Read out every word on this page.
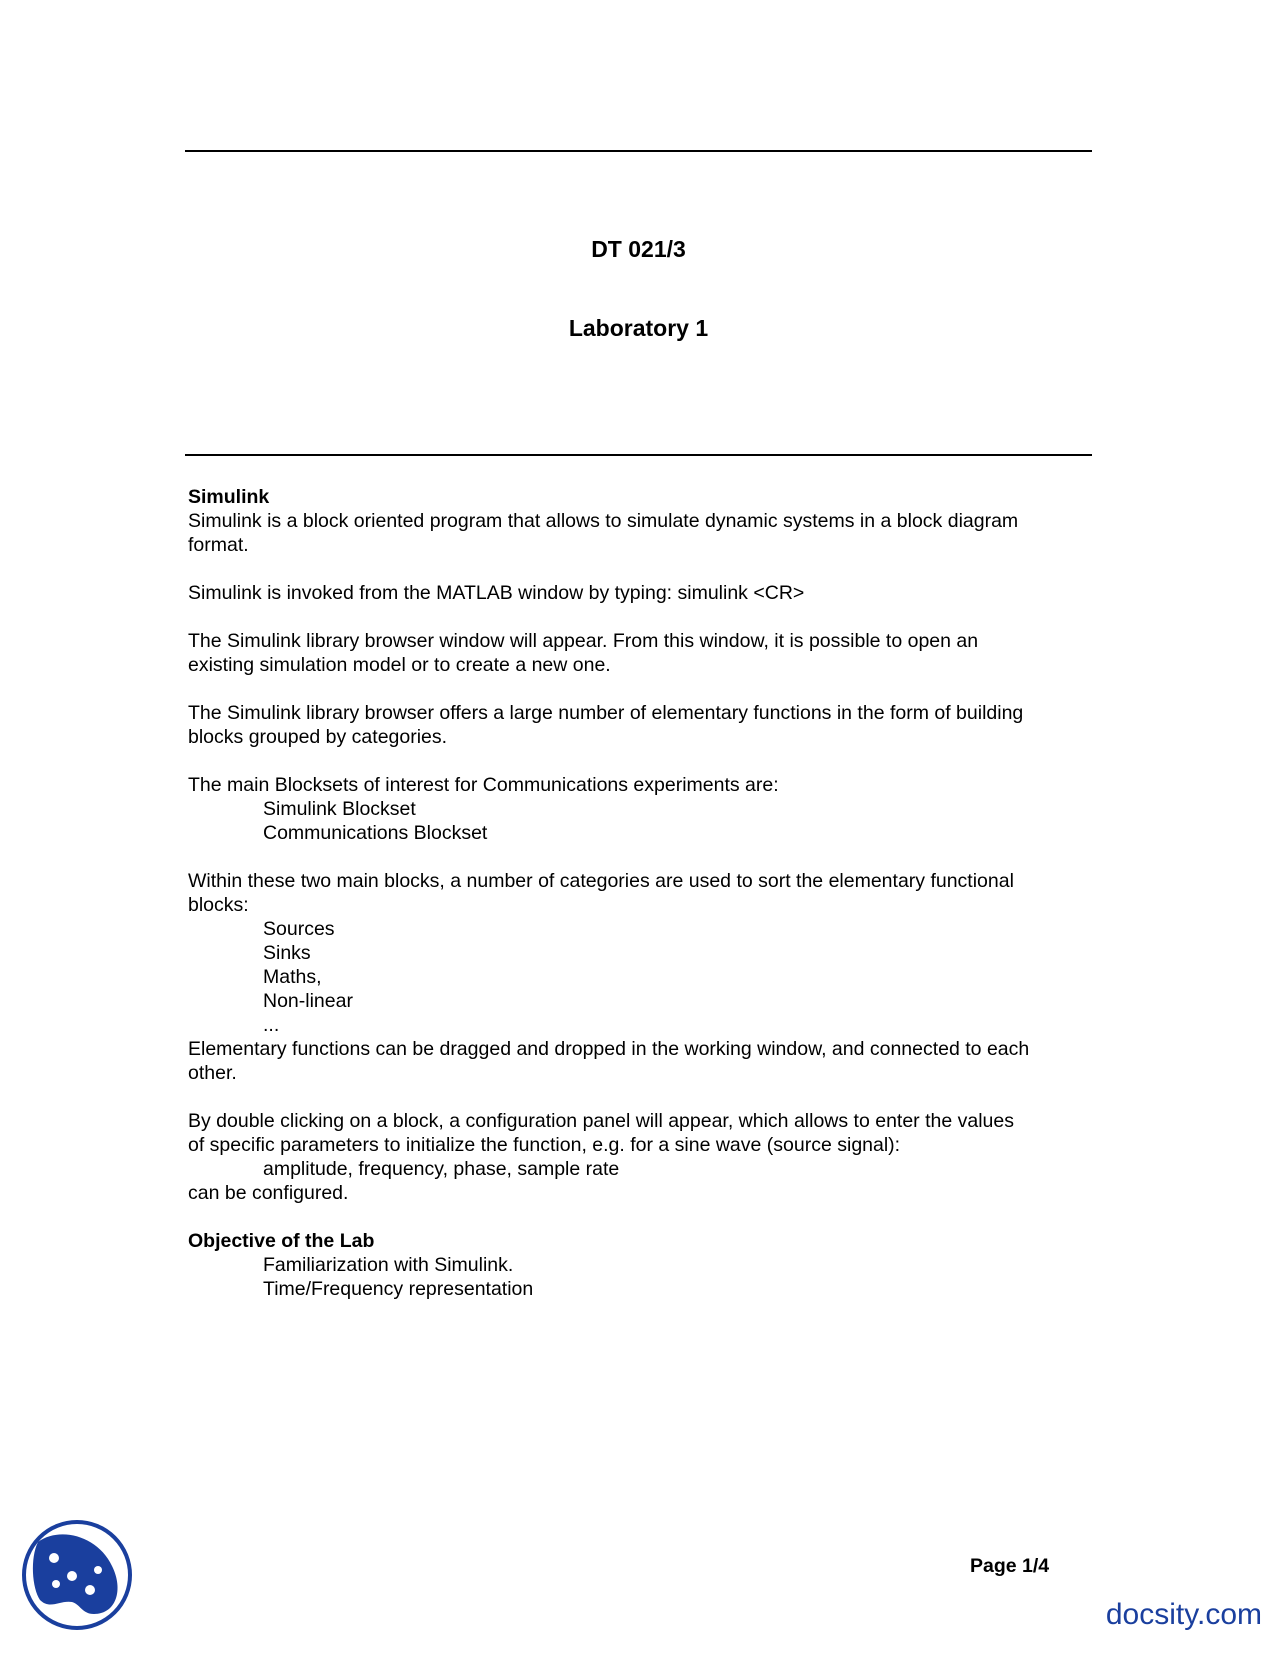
DT 021/3
Laboratory 1

Simulink

Simulink is a block oriented program that allows to simulate dynamic systems in a block diagram

format.

Simulink is invoked from the MATLAB window by typing: simulink <CR>

The Simulink library browser window will appear. From this window, it is possible to open an

existing simulation model or to create a new one.

The Simulink library browser offers a large number of elementary functions in the form of building

blocks grouped by categories.

The main Blocksets of interest for Communications experiments are:

Simulink Blockset

Communications Blockset

Within these two main blocks, a number of categories are used to sort the elementary functional

blocks:

Sources

Sinks

Maths,

Non-linear

...

Elementary functions can be dragged and dropped in the working window, and connected to each

other.

By double clicking on a block, a configuration panel will appear, which allows to enter the values

of specific parameters to initialize the function, e.g. for a sine wave (source signal):

amplitude, frequency, phase, sample rate

can be configured.

Objective of the Lab

Familiarization with Simulink.

Time/Frequency representation

Page 1/4
docsity.com
